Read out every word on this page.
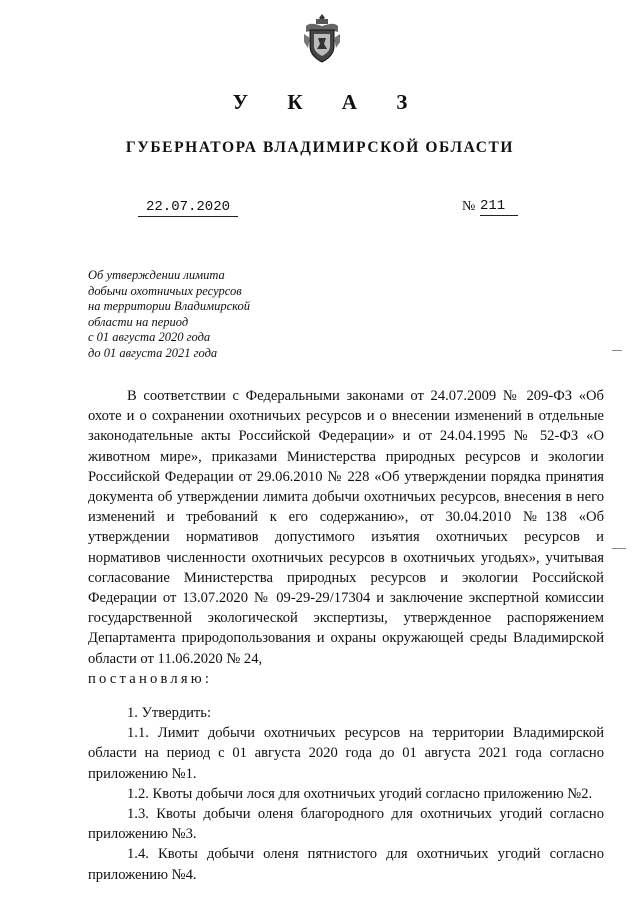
У К А З
ГУБЕРНАТОРА ВЛАДИМИРСКОЙ ОБЛАСТИ
22.07.2020	№ 211
Об утверждении лимита
добычи охотничьих ресурсов
на территории Владимирской
области на период
с 01 августа 2020 года
до 01 августа 2021 года

В соответствии с Федеральными законами от 24.07.2009 № 209-ФЗ «Об охоте и о сохранении охотничьих ресурсов и о внесении изменений в отдельные законодательные акты Российской Федерации» и от 24.04.1995 № 52-ФЗ «О животном мире», приказами Министерства природных ресурсов и экологии Российской Федерации от 29.06.2010 № 228 «Об утверждении порядка принятия документа об утверждении лимита добычи охотничьих ресурсов, внесения в него изменений и требований к его содержанию», от 30.04.2010 №138 «Об утверждении нормативов допустимого изъятия охотничьих ресурсов и нормативов численности охотничьих ресурсов в охотничьих угодьях», учитывая согласование Министерства природных ресурсов и экологии Российской Федерации от 13.07.2020 № 09-29-29/17304 и заключение экспертной комиссии государственной экологической экспертизы, утвержденное распоряжением Департамента природопользования и охраны окружающей среды Владимирской области от 11.06.2020 № 24,

постановляю:

1. Утвердить:

1.1. Лимит добычи охотничьих ресурсов на территории Владимирской области на период с 01 августа 2020 года до 01 августа 2021 года согласно приложению №1.

1.2. Квоты добычи лося для охотничьих угодий согласно приложению №2.

1.3. Квоты добычи оленя благородного для охотничьих угодий согласно приложению №3.

1.4. Квоты добычи оленя пятнистого для охотничьих угодий согласно приложению №4.
